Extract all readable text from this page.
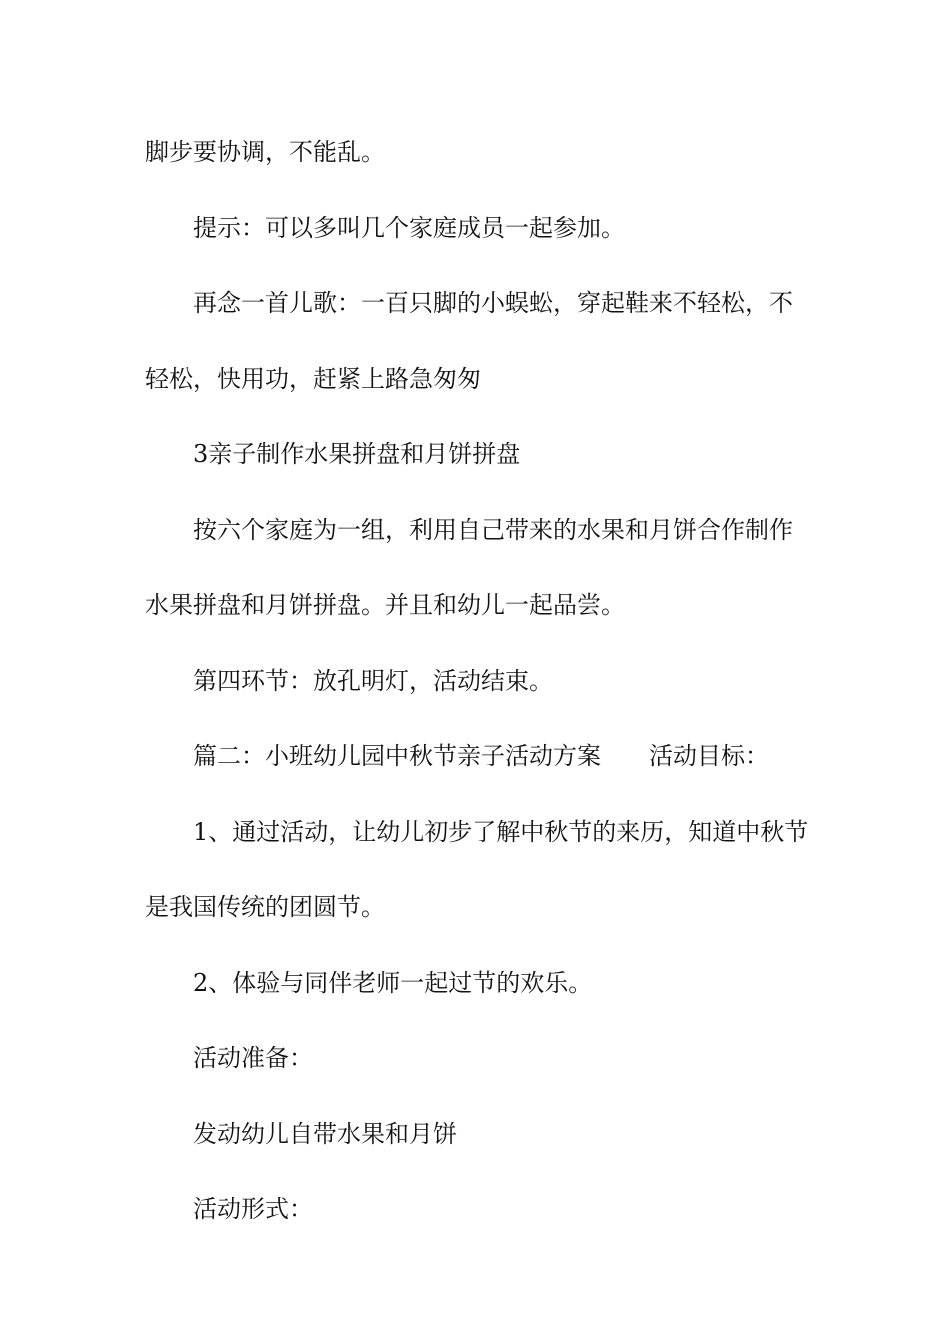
脚步要协调，不能乱。
提示：可以多叫几个家庭成员一起参加。
再念一首儿歌：一百只脚的小蜈蚣，穿起鞋来不轻松，不
轻松，快用功，赶紧上路急匆匆
3亲子制作水果拼盘和月饼拼盘
按六个家庭为一组，利用自己带来的水果和月饼合作制作
水果拼盘和月饼拼盘。并且和幼儿一起品尝。
第四环节：放孔明灯，活动结束。
篇二：小班幼儿园中秋节亲子活动方案 活动目标：
1、通过活动，让幼儿初步了解中秋节的来历，知道中秋节
是我国传统的团圆节。
2、体验与同伴老师一起过节的欢乐。
活动准备：
发动幼儿自带水果和月饼
活动形式：
